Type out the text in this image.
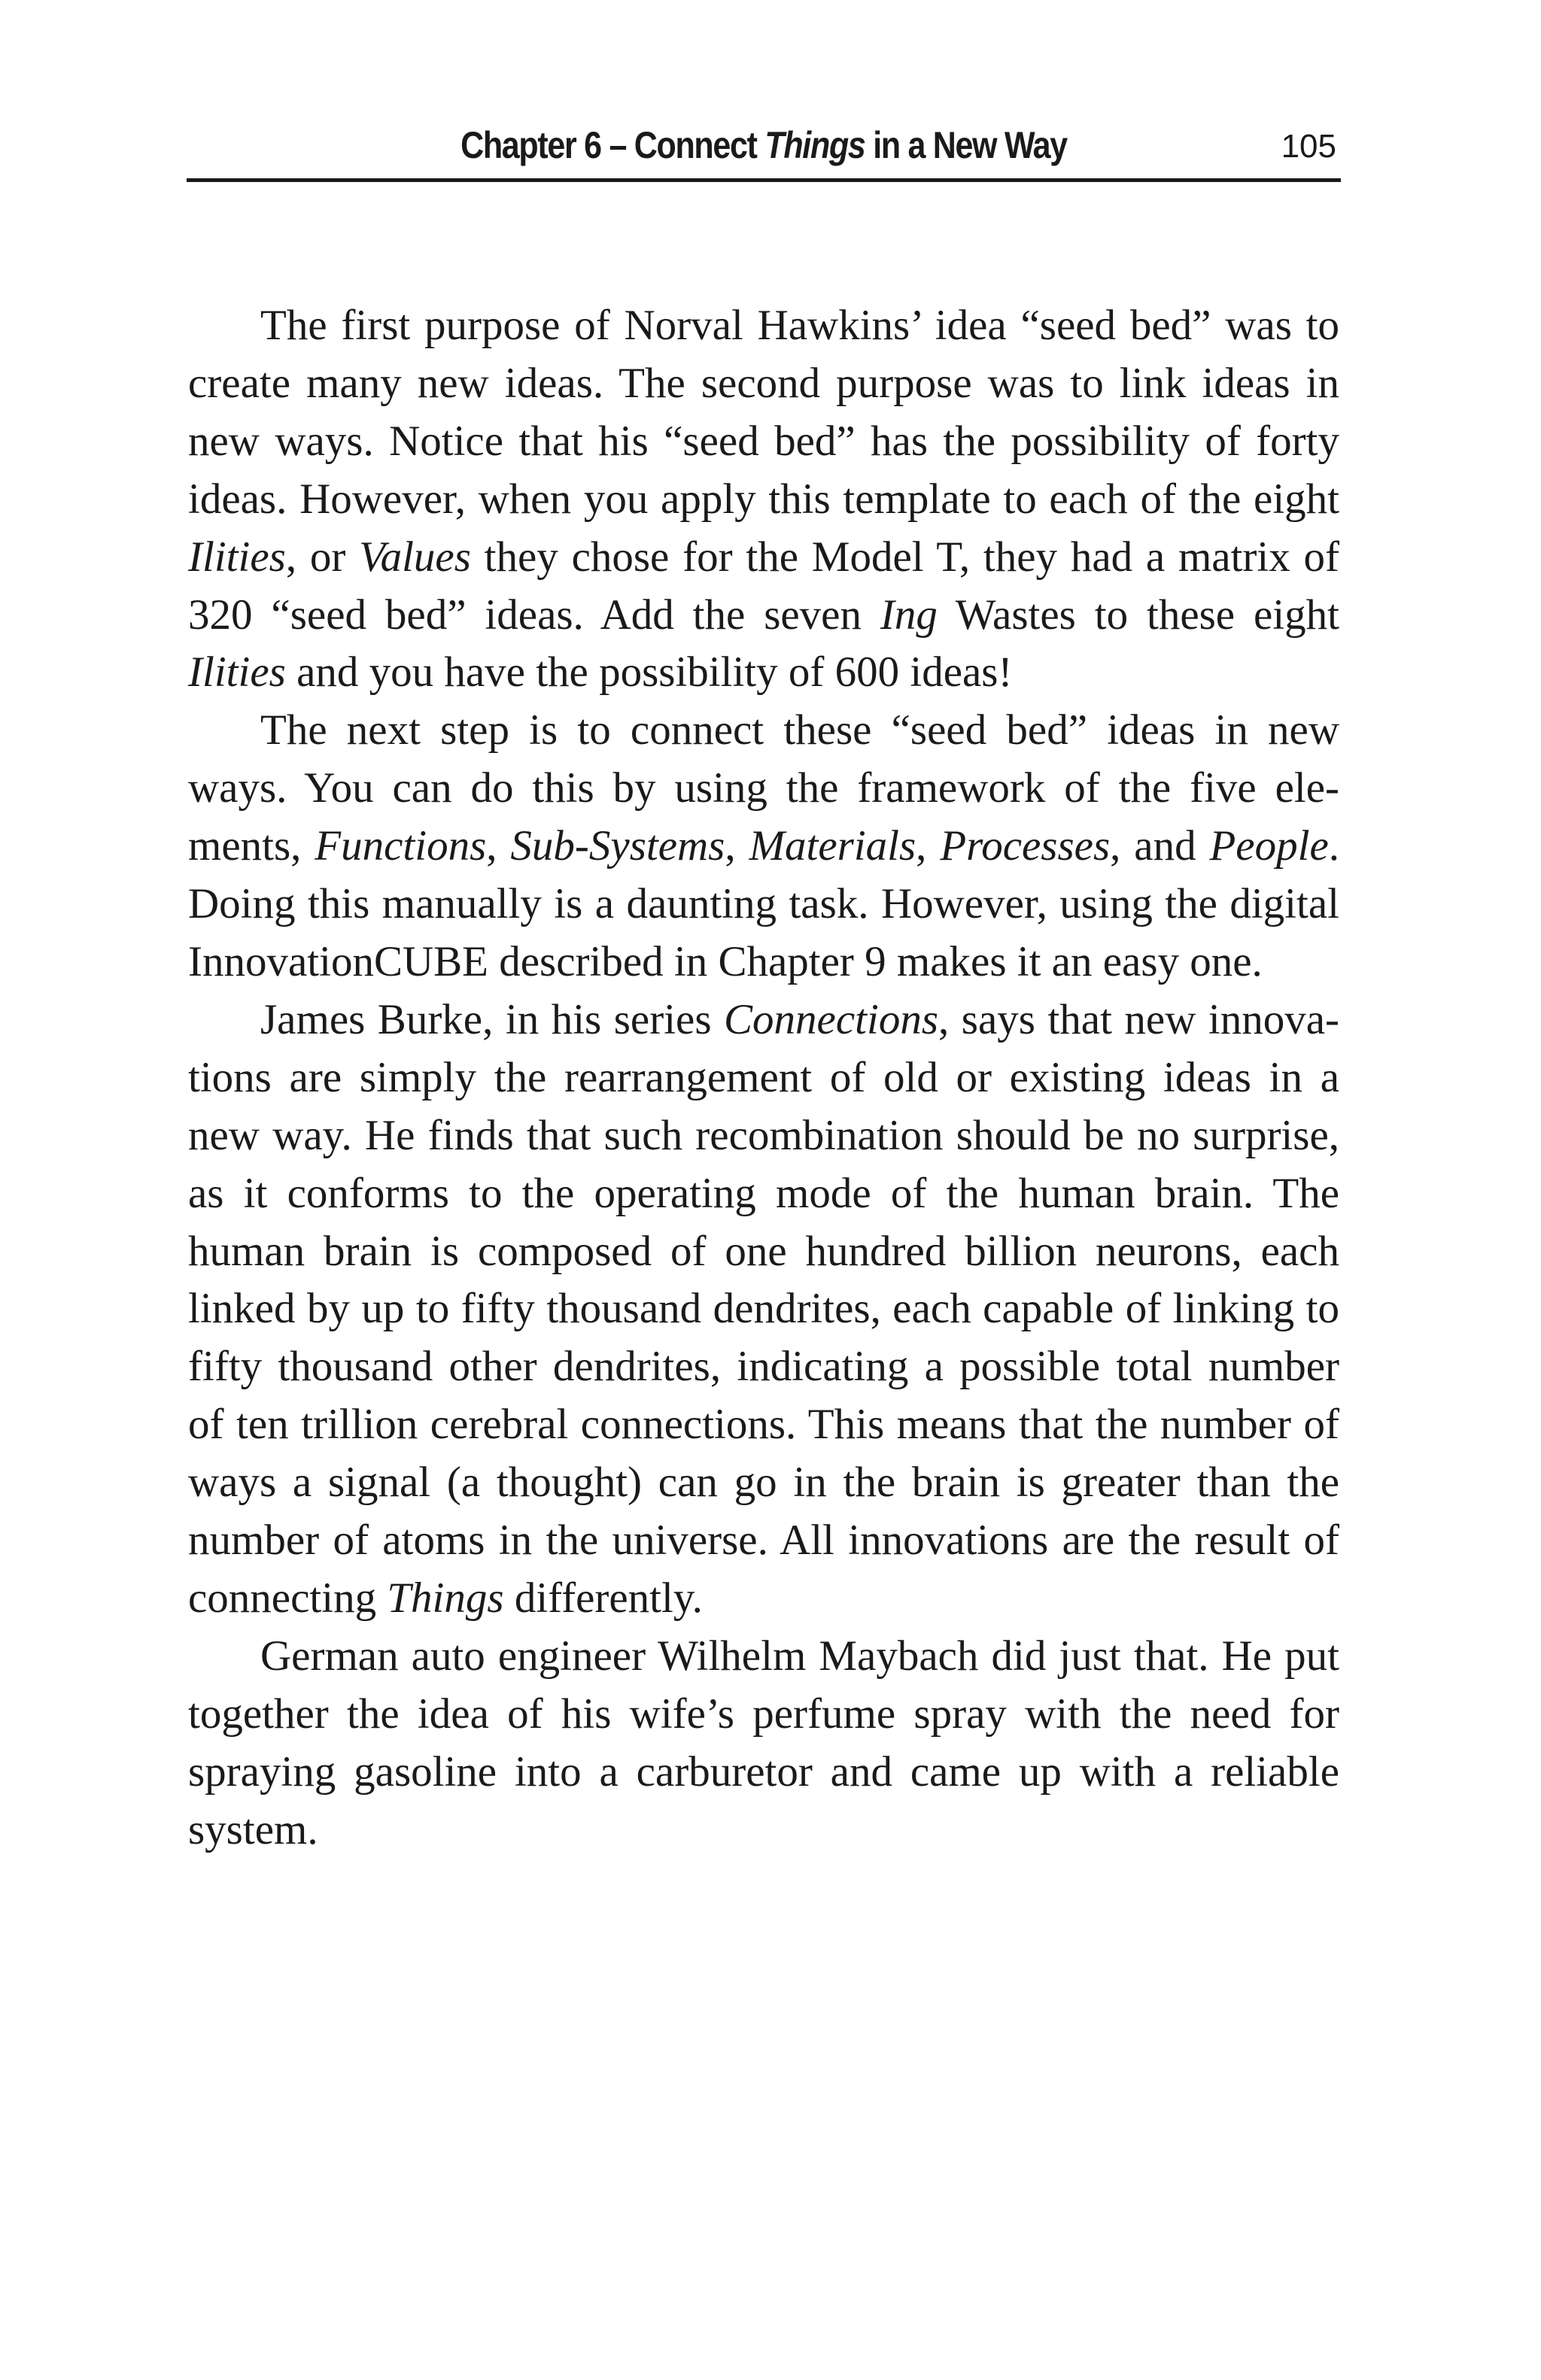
Chapter 6 – Connect Things in a New Way	105

The first purpose of Norval Hawkins’ idea “seed bed” was to create many new ideas. The second purpose was to link ideas in new ways. Notice that his “seed bed” has the possibility of forty ideas. However, when you apply this template to each of the eight Ilities, or Values they chose for the Model T, they had a matrix of 320 “seed bed” ideas. Add the seven Ing Wastes to these eight Ilities and you have the possibility of 600 ideas!

The next step is to connect these “seed bed” ideas in new ways. You can do this by using the framework of the five elements, Functions, Sub-Systems, Materials, Processes, and People. Doing this manually is a daunting task. However, using the digital InnovationCUBE described in Chapter 9 makes it an easy one.

James Burke, in his series Connections, says that new innovations are simply the rearrangement of old or existing ideas in a new way. He finds that such recombination should be no surprise, as it conforms to the operating mode of the human brain. The human brain is composed of one hundred billion neurons, each linked by up to fifty thousand dendrites, each capable of linking to fifty thousand other dendrites, indicating a possible total number of ten trillion cerebral connections. This means that the number of ways a signal (a thought) can go in the brain is greater than the number of atoms in the universe. All innovations are the result of connecting Things differently.

German auto engineer Wilhelm Maybach did just that. He put together the idea of his wife’s perfume spray with the need for spraying gasoline into a carburetor and came up with a reliable system.
